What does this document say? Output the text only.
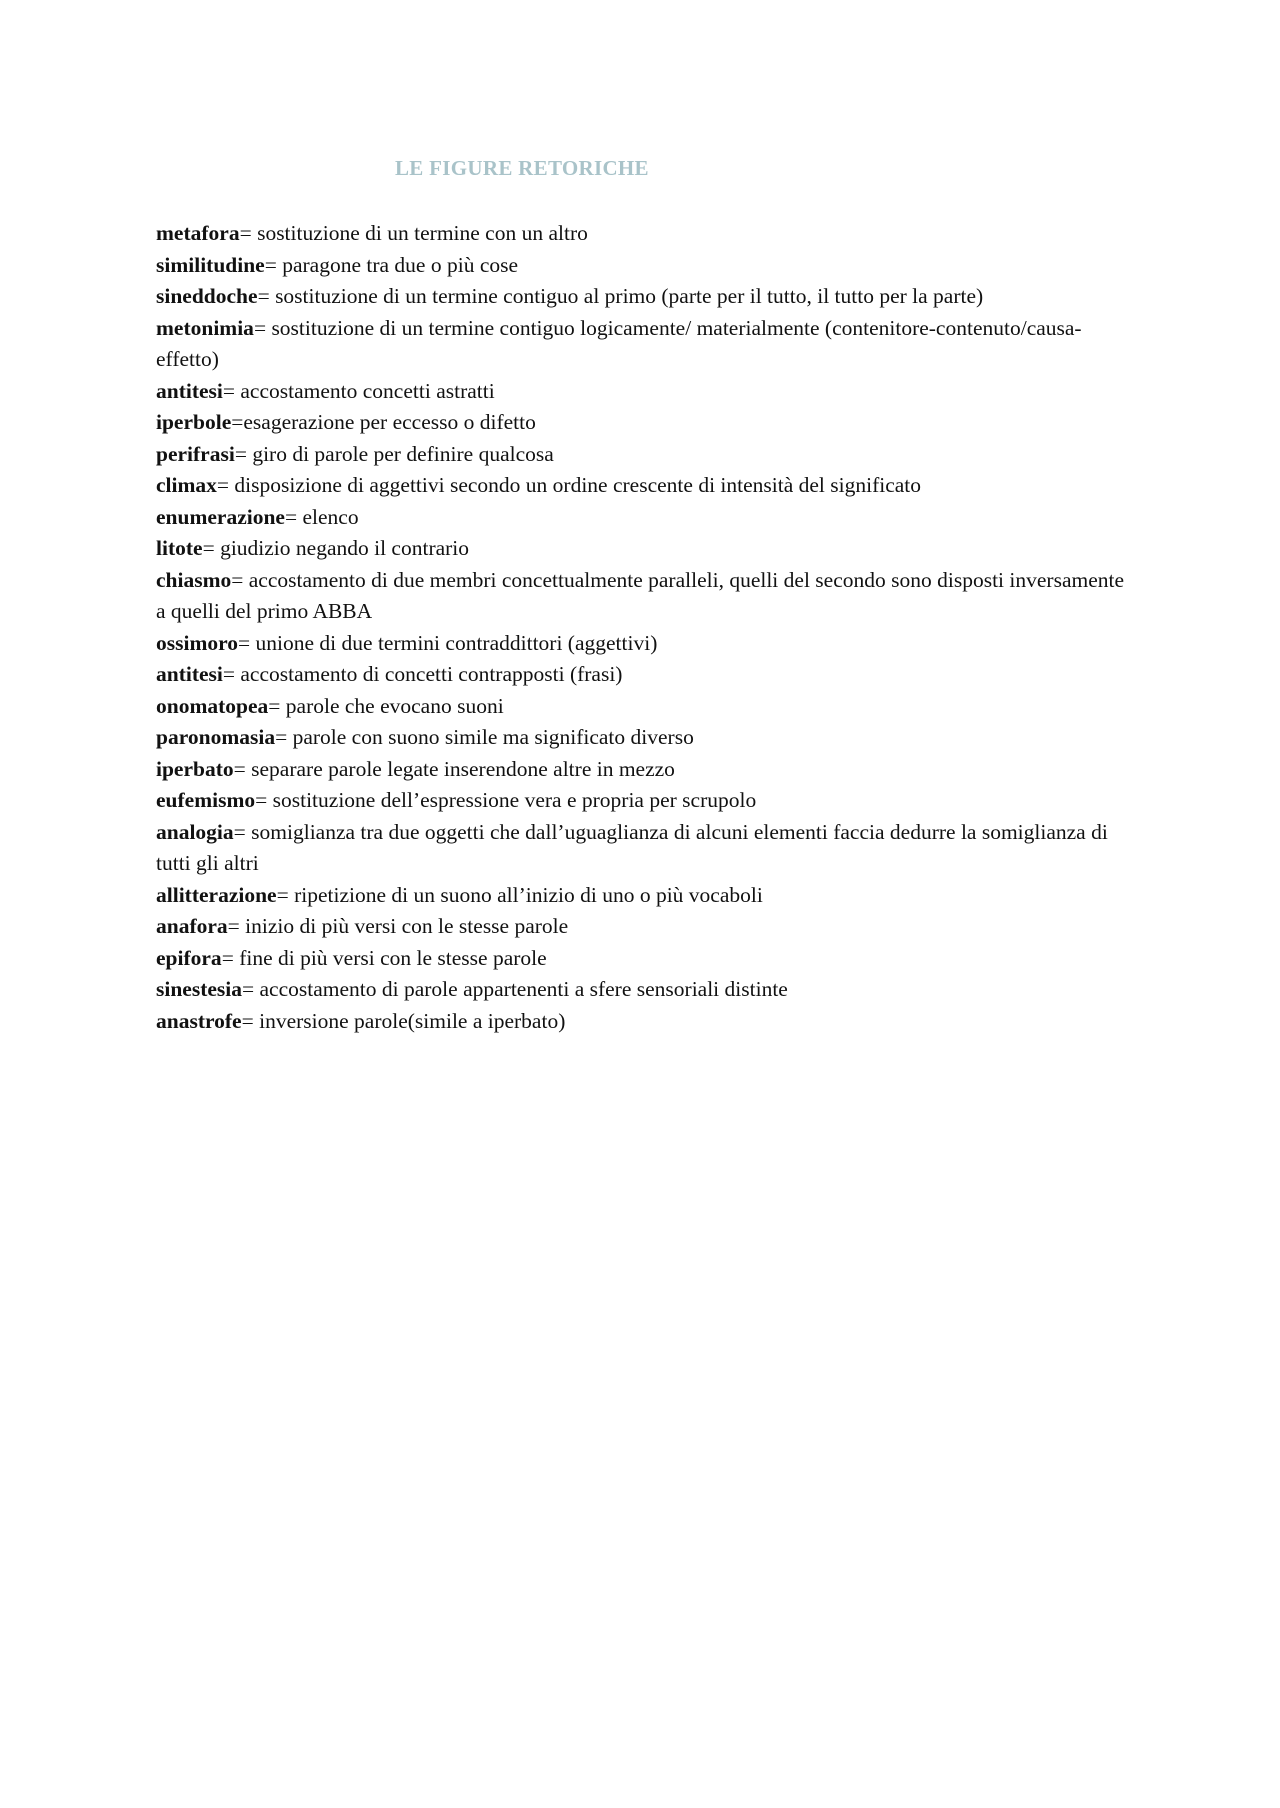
LE FIGURE RETORICHE

metafora= sostituzione di un termine con un altro

similitudine= paragone tra due o più cose

sineddoche= sostituzione di un termine contiguo al primo (parte per il tutto, il tutto per la parte)

metonimia= sostituzione di un termine contiguo logicamente/ materialmente (contenitore-contenuto/causa-effetto)

antitesi= accostamento concetti astratti

iperbole=esagerazione per eccesso o difetto

perifrasi= giro di parole per definire qualcosa

climax= disposizione di aggettivi secondo un ordine crescente di intensità del significato

enumerazione= elenco

litote= giudizio negando il contrario

chiasmo= accostamento di due membri concettualmente paralleli, quelli del secondo sono disposti inversamente a quelli del primo ABBA

ossimoro= unione di due termini contraddittori (aggettivi)

antitesi= accostamento di concetti contrapposti (frasi)

onomatopea= parole che evocano suoni

paronomasia= parole con suono simile ma significato diverso

iperbato= separare parole legate inserendone altre in mezzo

eufemismo= sostituzione dell’espressione vera e propria per scrupolo

analogia= somiglianza tra due oggetti che dall’uguaglianza di alcuni elementi faccia dedurre la somiglianza di tutti gli altri

allitterazione= ripetizione di un suono all’inizio di uno o più vocaboli

anafora= inizio di più versi con le stesse parole

epifora= fine di più versi con le stesse parole

sinestesia= accostamento di parole appartenenti a sfere sensoriali distinte

anastrofe= inversione parole(simile a iperbato)
